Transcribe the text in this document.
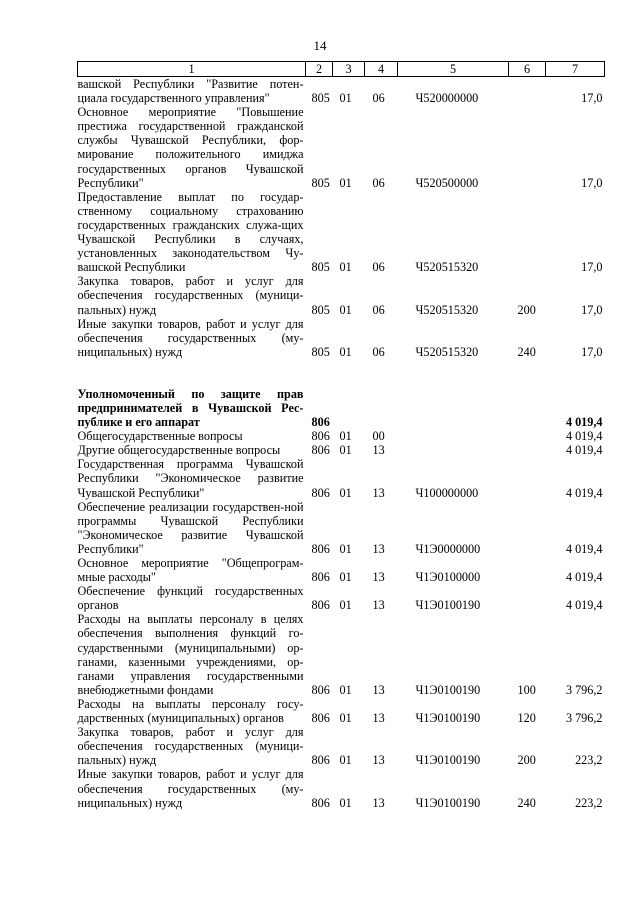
14
1	2	3	4	5	6	7
вашской Республики "Развитие потен-циала государственного управления"	805	01	06	Ч520000000		17,0
Основное мероприятие "Повышение престижа государственной гражданской службы Чувашской Республики, фор-мирование положительного имиджа государственных органов Чувашской Республики"	805	01	06	Ч520500000		17,0
Предоставление выплат по государ-ственному социальному страхованию государственных гражданских служа-щих Чувашской Республики в случаях, установленных законодательством Чу-вашской Республики	805	01	06	Ч520515320		17,0
Закупка товаров, работ и услуг для обеспечения государственных (муници-пальных) нужд	805	01	06	Ч520515320	200	17,0
Иные закупки товаров, работ и услуг для обеспечения государственных (му-ниципальных) нужд	805	01	06	Ч520515320	240	17,0

Уполномоченный по защите прав предпринимателей в Чувашской Рес-публике и его аппарат	806					4 019,4
Общегосударственные вопросы	806	01	00			4 019,4
Другие общегосударственные вопросы	806	01	13			4 019,4
Государственная программа Чувашской Республики "Экономическое развитие Чувашской Республики"	806	01	13	Ч100000000		4 019,4
Обеспечение реализации государствен-ной программы Чувашской Республики "Экономическое развитие Чувашской Республики"	806	01	13	Ч1Э0000000		4 019,4
Основное мероприятие "Общепрограм-мные расходы"	806	01	13	Ч1Э0100000		4 019,4
Обеспечение функций государственных органов	806	01	13	Ч1Э0100190		4 019,4
Расходы на выплаты персоналу в целях обеспечения выполнения функций го-сударственными (муниципальными) ор-ганами, казенными учреждениями, ор-ганами управления государственными внебюджетными фондами	806	01	13	Ч1Э0100190	100	3 796,2
Расходы на выплаты персоналу госу-дарственных (муниципальных) органов	806	01	13	Ч1Э0100190	120	3 796,2
Закупка товаров, работ и услуг для обеспечения государственных (муници-пальных) нужд	806	01	13	Ч1Э0100190	200	223,2
Иные закупки товаров, работ и услуг для обеспечения государственных (му-ниципальных) нужд	806	01	13	Ч1Э0100190	240	223,2
